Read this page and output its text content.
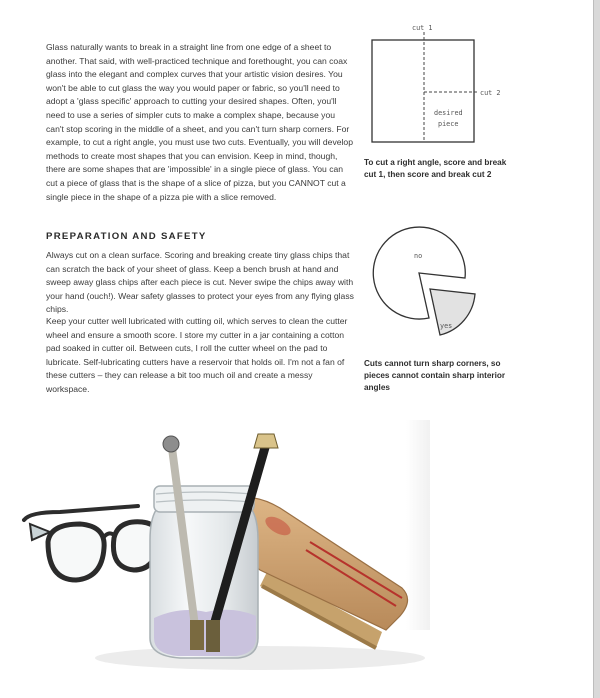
Glass naturally wants to break in a straight line from one edge of a sheet to another. That said, with well-practiced technique and forethought, you can coax glass into the elegant and complex curves that your artistic vision desires. You won't be able to cut glass the way you would paper or fabric, so you'll need to adopt a 'glass specific' approach to cutting your desired shapes. Often, you'll need to use a series of simpler cuts to make a complex shape, because you can't stop scoring in the middle of a sheet, and you can't turn sharp corners. For example, to cut a right angle, you must use two cuts. Eventually, you will develop methods to create most shapes that you can envision. Keep in mind, though, there are some shapes that are 'impossible' in a single piece of glass. You can cut a piece of glass that is the shape of a slice of pizza, but you CANNOT cut a single piece in the shape of a pizza pie with a slice removed.

PREPARATION AND SAFETY

Always cut on a clean surface. Scoring and breaking create tiny glass chips that can scratch the back of your sheet of glass. Keep a bench brush at hand and sweep away glass chips after each piece is cut. Never swipe the chips away with your hand (ouch!). Wear safety glasses to protect your eyes from any flying glass chips.

Keep your cutter well lubricated with cutting oil, which serves to clean the cutter wheel and ensure a smooth score. I store my cutter in a jar containing a cotton pad soaked in cutter oil. Between cuts, I roll the cutter wheel on the pad to lubricate. Self-lubricating cutters have a reservoir that holds oil. I'm not a fan of these cutters – they can release a bit too much oil and create a messy workspace.

cut 1
cut 2
desired
piece

To cut a right angle, score and break cut 1, then score and break cut 2

no
yes

Cuts cannot turn sharp corners, so pieces cannot contain sharp interior angles
